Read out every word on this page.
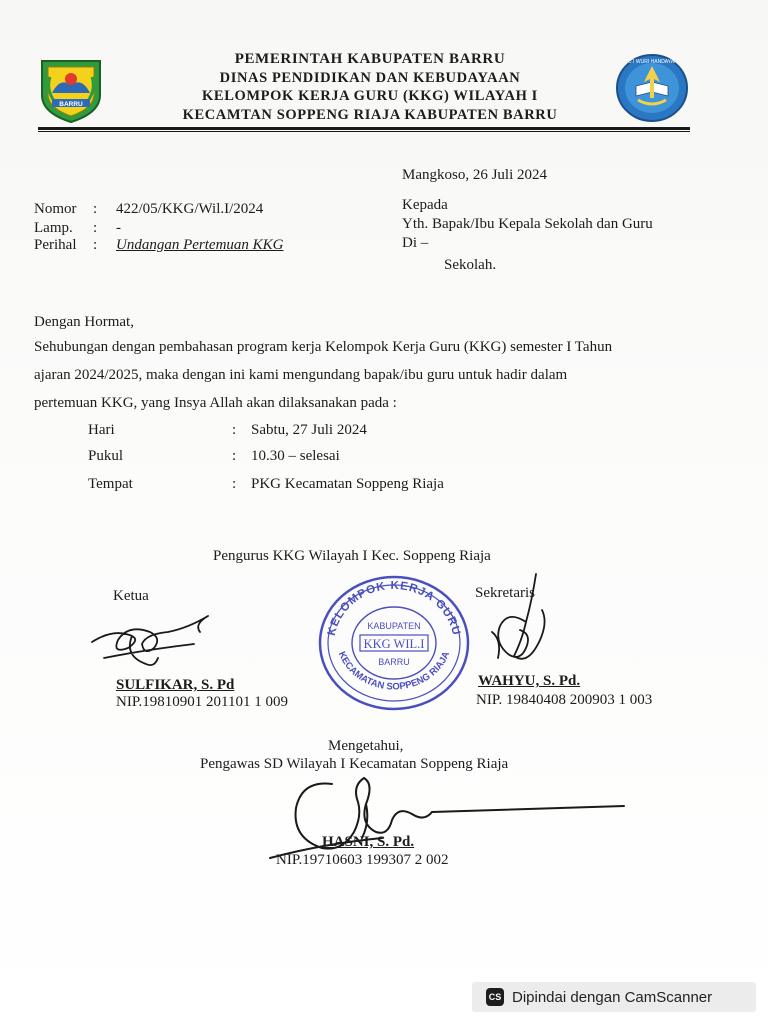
BARRU
TUT WURI HANDAYANI
PEMERINTAH KABUPATEN BARRU
DINAS PENDIDIKAN DAN KEBUDAYAAN
KELOMPOK KERJA GURU (KKG) WILAYAH I
KECAMTAN SOPPENG RIAJA KABUPATEN BARRU
Mangkoso, 26 Juli 2024
Kepada
Yth. Bapak/Ibu Kepala Sekolah dan Guru
Di –
Sekolah.
Nomor : 422/05/KKG/Wil.I/2024
Lamp. : -
Perihal : Undangan Pertemuan KKG
Dengan Hormat,
Sehubungan dengan pembahasan program kerja Kelompok Kerja Guru (KKG) semester I Tahun
ajaran 2024/2025, maka dengan ini kami mengundang bapak/ibu guru untuk hadir dalam
pertemuan KKG, yang Insya Allah akan dilaksanakan pada :
Hari	: Sabtu, 27 Juli 2024
Pukul	: 10.30 – selesai
Tempat	: PKG Kecamatan Soppeng Riaja
Pengurus KKG Wilayah I Kec. Soppeng Riaja
Ketua	Sekretaris
KELOMPOK KERJA GURU
KECAMATAN SOPPENG RIAJA
KABUPATEN
KKG WIL.I
BARRU
SULFIKAR, S. Pd
NIP.19810901 201101 1 009
WAHYU, S. Pd.
NIP. 19840408 200903 1 003
Mengetahui,
Pengawas SD Wilayah I Kecamatan Soppeng Riaja
HASNI, S. Pd.
NIP.19710603 199307 2 002
CS Dipindai dengan CamScanner
